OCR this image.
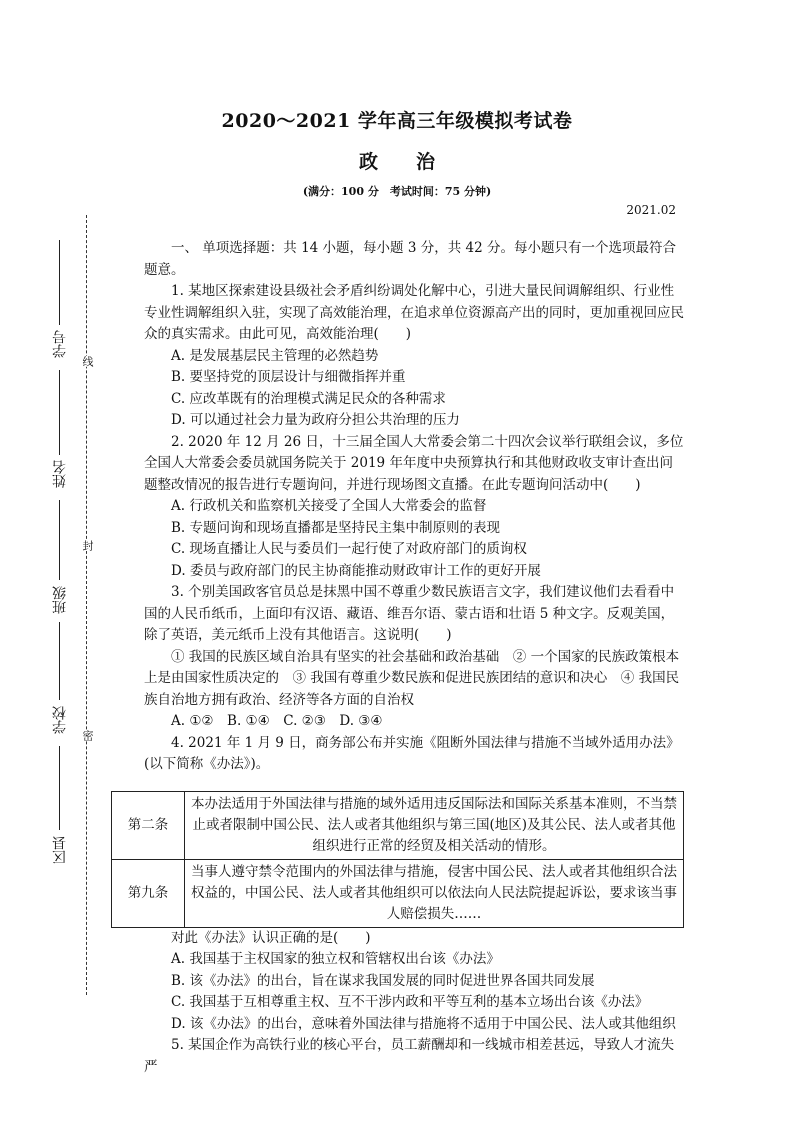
2020～2021 学年高三年级模拟考试卷
政　　治
(满分：100 分　考试时间：75 分钟)
2021.02
线
封
密
学号
姓名
班级
学校
区县

一、 单项选择题：共 14 小题，每小题 3 分，共 42 分。每小题只有一个选项最符合题意。

1. 某地区探索建设县级社会矛盾纠纷调处化解中心，引进大量民间调解组织、行业性专业性调解组织入驻，实现了高效能治理，在追求单位资源高产出的同时，更加重视回应民众的真实需求。由此可见，高效能治理(　　)

A. 是发展基层民主管理的必然趋势

B. 要坚持党的顶层设计与细微指挥并重

C. 应改革既有的治理模式满足民众的各种需求

D. 可以通过社会力量为政府分担公共治理的压力

2. 2020 年 12 月 26 日，十三届全国人大常委会第二十四次会议举行联组会议，多位全国人大常委会委员就国务院关于 2019 年年度中央预算执行和其他财政收支审计查出问题整改情况的报告进行专题询问，并进行现场图文直播。在此专题询问活动中(　　)

A. 行政机关和监察机关接受了全国人大常委会的监督

B. 专题问询和现场直播都是坚持民主集中制原则的表现

C. 现场直播让人民与委员们一起行使了对政府部门的质询权

D. 委员与政府部门的民主协商能推动财政审计工作的更好开展

3. 个别美国政客官员总是抹黑中国不尊重少数民族语言文字，我们建议他们去看看中国的人民币纸币，上面印有汉语、藏语、维吾尔语、蒙古语和壮语 5 种文字。反观美国，除了英语，美元纸币上没有其他语言。这说明(　　)

① 我国的民族区域自治具有坚实的社会基础和政治基础　② 一个国家的民族政策根本上是由国家性质决定的　③ 我国有尊重少数民族和促进民族团结的意识和决心　④ 我国民族自治地方拥有政治、经济等各方面的自治权

A. ①②　B. ①④　C. ②③　D. ③④

4. 2021 年 1 月 9 日，商务部公布并实施《阻断外国法律与措施不当域外适用办法》(以下简称《办法》)。

第二条	本办法适用于外国法律与措施的域外适用违反国际法和国际关系基本准则，不当禁止或者限制中国公民、法人或者其他组织与第三国(地区)及其公民、法人或者其他组织进行正常的经贸及相关活动的情形。
第九条	当事人遵守禁令范围内的外国法律与措施，侵害中国公民、法人或者其他组织合法权益的，中国公民、法人或者其他组织可以依法向人民法院提起诉讼，要求该当事人赔偿损失……

对此《办法》认识正确的是(　　)

A. 我国基于主权国家的独立权和管辖权出台该《办法》

B. 该《办法》的出台，旨在谋求我国发展的同时促进世界各国共同发展

C. 我国基于互相尊重主权、互不干涉内政和平等互利的基本立场出台该《办法》

D. 该《办法》的出台，意味着外国法律与措施将不适用于中国公民、法人或其他组织

5. 某国企作为高铁行业的核心平台，员工薪酬却和一线城市相差甚远，导致人才流失严
